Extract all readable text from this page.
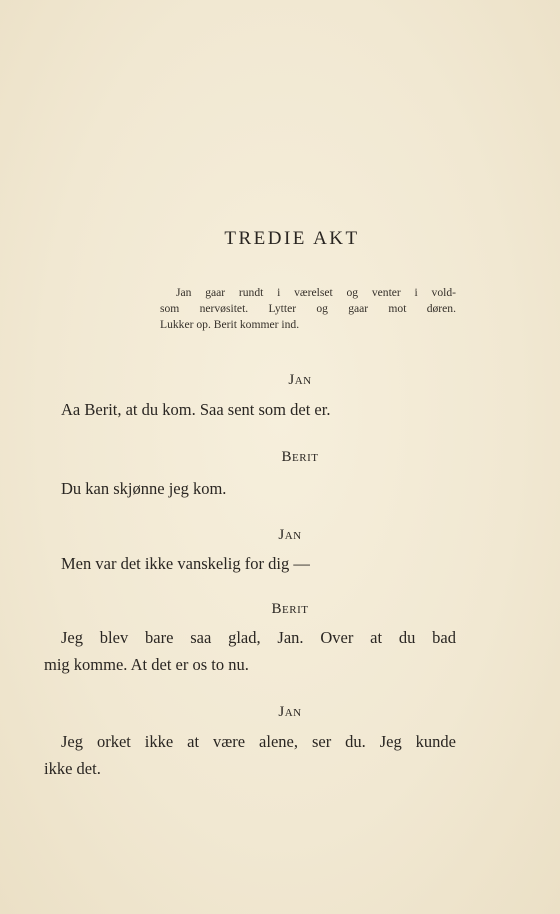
TREDIE AKT
Jan gaar rundt i værelset og venter i vold-
som nervøsitet. Lytter og gaar mot døren.
Lukker op. Berit kommer ind.
Jan
Aa Berit, at du kom. Saa sent som det er.
Berit
Du kan skjønne jeg kom.
Jan
Men var det ikke vanskelig for dig —
Berit
Jeg blev bare saa glad, Jan. Over at du bad
mig komme. At det er os to nu.
Jan
Jeg orket ikke at være alene, ser du. Jeg kunde
ikke det.
